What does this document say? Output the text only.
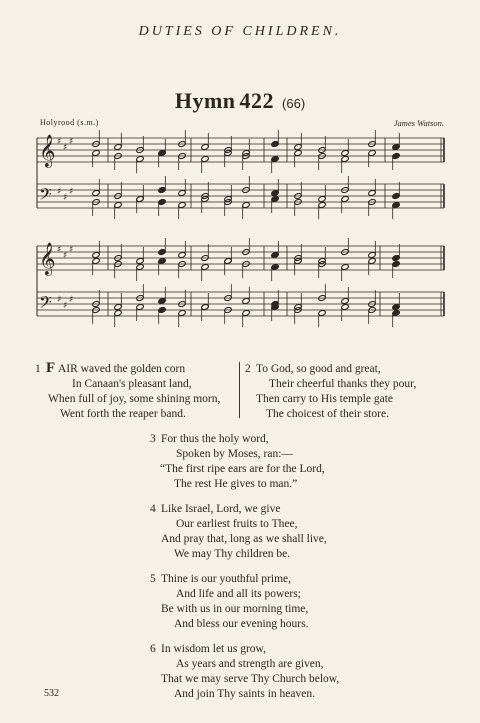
DUTIES OF CHILDREN.
Hymn 422 (66)
Holyrood (s.m.)	James Watson.
𝄞 ♯
♯
♯
𝄢 ♯
♯
♯
𝄞 ♯
♯
♯
𝄢 ♯
♯
♯
F
1 AIR waved the golden corn
In Canaan's pleasant land,
When full of joy, some shining morn,
Went forth the reaper band.
2 To God, so good and great,
Their cheerful thanks they pour,
Then carry to His temple gate
The choicest of their store.
3 For thus the holy word,
Spoken by Moses, ran:—
“The first ripe ears are for the Lord,
The rest He gives to man.”
4 Like Israel, Lord, we give
Our earliest fruits to Thee,
And pray that, long as we shall live,
We may Thy children be.
5 Thine is our youthful prime,
And life and all its powers;
Be with us in our morning time,
And bless our evening hours.
6 In wisdom let us grow,
As years and strength are given,
That we may serve Thy Church below,
And join Thy saints in heaven.
532
